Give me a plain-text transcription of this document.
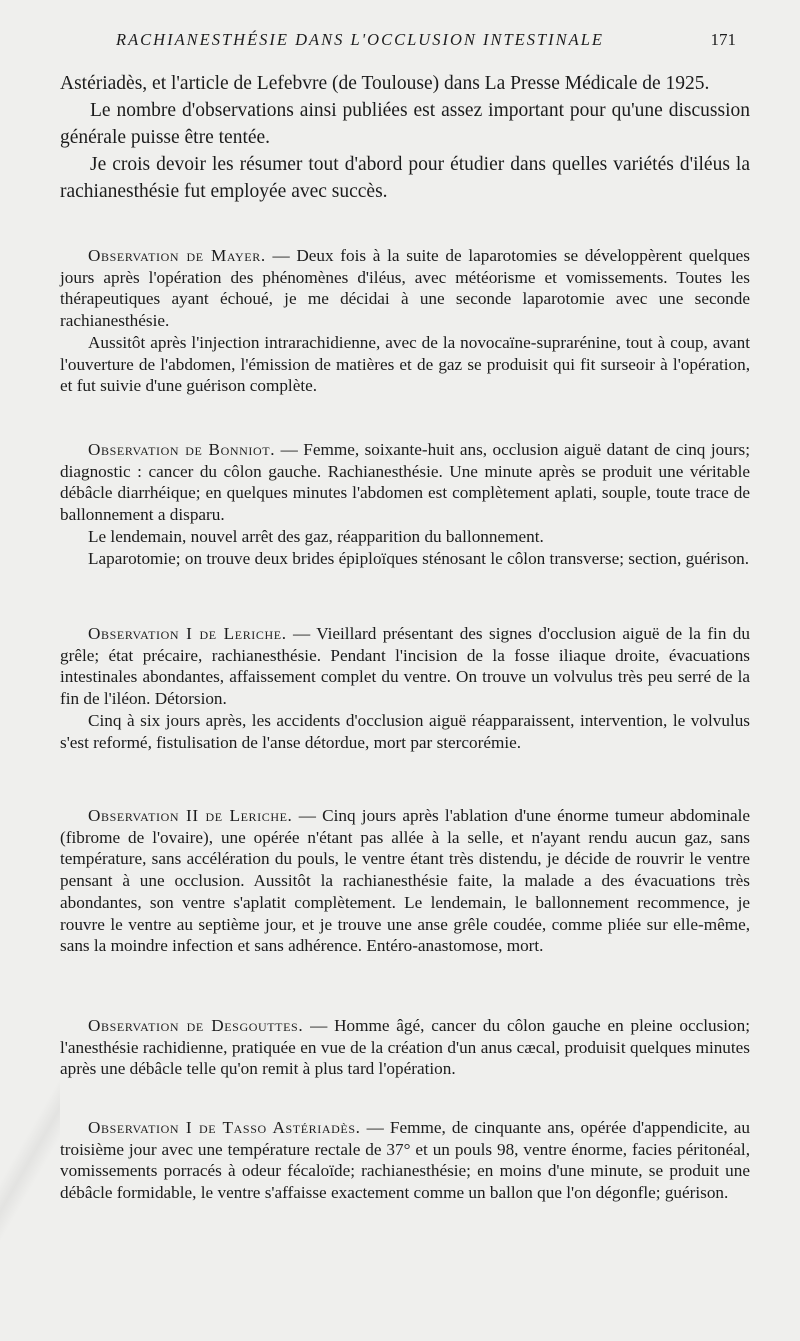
RACHIANESTHÉSIE DANS L'OCCLUSION INTESTINALE	171

Astériadès, et l'article de Lefebvre (de Toulouse) dans La Presse Médicale de 1925.

Le nombre d'observations ainsi publiées est assez important pour qu'une discussion générale puisse être tentée.

Je crois devoir les résumer tout d'abord pour étudier dans quelles variétés d'iléus la rachianesthésie fut employée avec succès.

Observation de Mayer. — Deux fois à la suite de laparotomies se développèrent quelques jours après l'opération des phénomènes d'iléus, avec météorisme et vomissements. Toutes les thérapeutiques ayant échoué, je me décidai à une seconde laparotomie avec une seconde rachianesthésie.

Aussitôt après l'injection intrarachidienne, avec de la novocaïne-suprarénine, tout à coup, avant l'ouverture de l'abdomen, l'émission de matières et de gaz se produisit qui fit surseoir à l'opération, et fut suivie d'une guérison complète.

Observation de Bonniot. — Femme, soixante-huit ans, occlusion aiguë datant de cinq jours; diagnostic : cancer du côlon gauche. Rachianesthésie. Une minute après se produit une véritable débâcle diarrhéique; en quelques minutes l'abdomen est complètement aplati, souple, toute trace de ballonnement a disparu.

Le lendemain, nouvel arrêt des gaz, réapparition du ballonnement.

Laparotomie; on trouve deux brides épiploïques sténosant le côlon transverse; section, guérison.

Observation I de Leriche. — Vieillard présentant des signes d'occlusion aiguë de la fin du grêle; état précaire, rachianesthésie. Pendant l'incision de la fosse iliaque droite, évacuations intestinales abondantes, affaissement complet du ventre. On trouve un volvulus très peu serré de la fin de l'iléon. Détorsion.

Cinq à six jours après, les accidents d'occlusion aiguë réapparaissent, intervention, le volvulus s'est reformé, fistulisation de l'anse détordue, mort par stercorémie.

Observation II de Leriche. — Cinq jours après l'ablation d'une énorme tumeur abdominale (fibrome de l'ovaire), une opérée n'étant pas allée à la selle, et n'ayant rendu aucun gaz, sans température, sans accélération du pouls, le ventre étant très distendu, je décide de rouvrir le ventre pensant à une occlusion. Aussitôt la rachianesthésie faite, la malade a des évacuations très abondantes, son ventre s'aplatit complètement. Le lendemain, le ballonnement recommence, je rouvre le ventre au septième jour, et je trouve une anse grêle coudée, comme pliée sur elle-même, sans la moindre infection et sans adhérence. Entéro-anastomose, mort.

Observation de Desgouttes. — Homme âgé, cancer du côlon gauche en pleine occlusion; l'anesthésie rachidienne, pratiquée en vue de la création d'un anus cæcal, produisit quelques minutes après une débâcle telle qu'on remit à plus tard l'opération.

Observation I de Tasso Astériadès. — Femme, de cinquante ans, opérée d'appendicite, au troisième jour avec une température rectale de 37° et un pouls 98, ventre énorme, facies péritonéal, vomissements porracés à odeur fécaloïde; rachianesthésie; en moins d'une minute, se produit une débâcle formidable, le ventre s'affaisse exactement comme un ballon que l'on dégonfle; guérison.
